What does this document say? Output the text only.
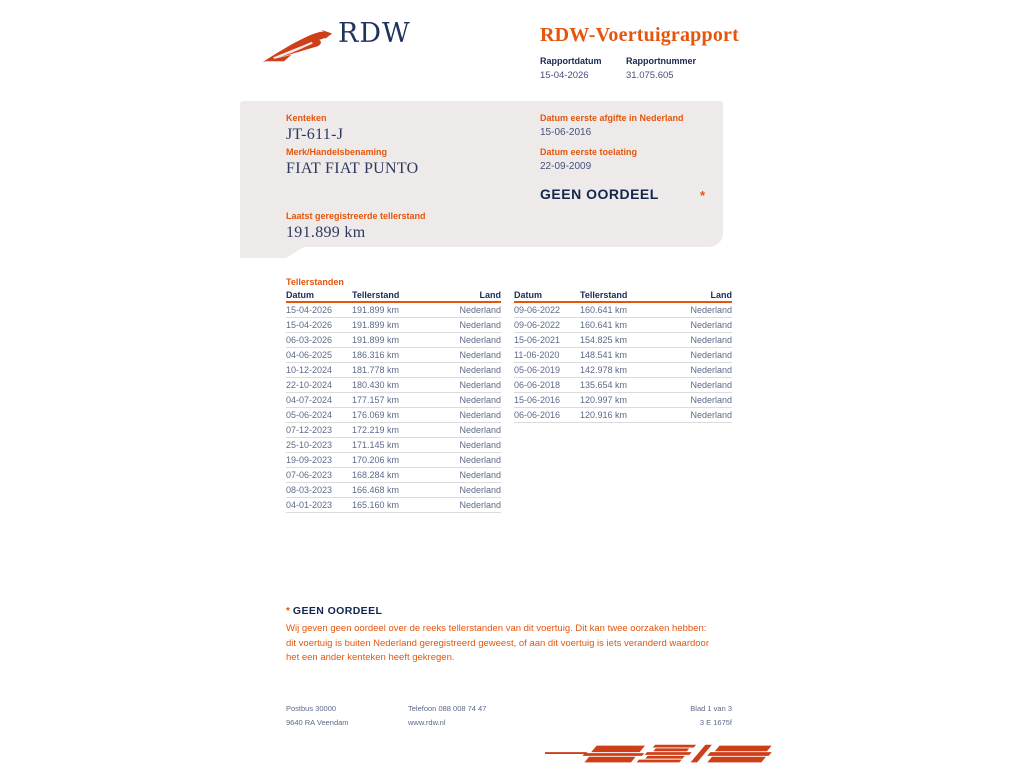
RDW	RDW-Voertuigrapport
Rapportdatum
15-04-2026
Rapportnummer
31.075.605
Kenteken
JT-611-J
Merk/Handelsbenaming
FIAT FIAT PUNTO
Laatst geregistreerde tellerstand
191.899 km
Datum eerste afgifte in Nederland
15-06-2016
Datum eerste toelating
22-09-2009
GEEN OORDEEL	*
Tellerstanden
Datum	Tellerstand	Land
15-04-2026	191.899 km	Nederland
15-04-2026	191.899 km	Nederland
06-03-2026	191.899 km	Nederland
04-06-2025	186.316 km	Nederland
10-12-2024	181.778 km	Nederland
22-10-2024	180.430 km	Nederland
04-07-2024	177.157 km	Nederland
05-06-2024	176.069 km	Nederland
07-12-2023	172.219 km	Nederland
25-10-2023	171.145 km	Nederland
19-09-2023	170.206 km	Nederland
07-06-2023	168.284 km	Nederland
08-03-2023	166.468 km	Nederland
04-01-2023	165.160 km	Nederland
Datum	Tellerstand	Land
09-06-2022	160.641 km	Nederland
09-06-2022	160.641 km	Nederland
15-06-2021	154.825 km	Nederland
11-06-2020	148.541 km	Nederland
05-06-2019	142.978 km	Nederland
06-06-2018	135.654 km	Nederland
15-06-2016	120.997 km	Nederland
06-06-2016	120.916 km	Nederland
* GEEN OORDEEL

Wij geven geen oordeel over de reeks tellerstanden van dit voertuig. Dit kan twee oorzaken hebben: dit voertuig is buiten Nederland geregistreerd geweest, of aan dit voertuig is iets veranderd waardoor het een ander kenteken heeft gekregen.

Postbus 30000
9640 RA Veendam
Telefoon 088 008 74 47
www.rdw.nl
Blad 1 van 3
3 E 1675f
